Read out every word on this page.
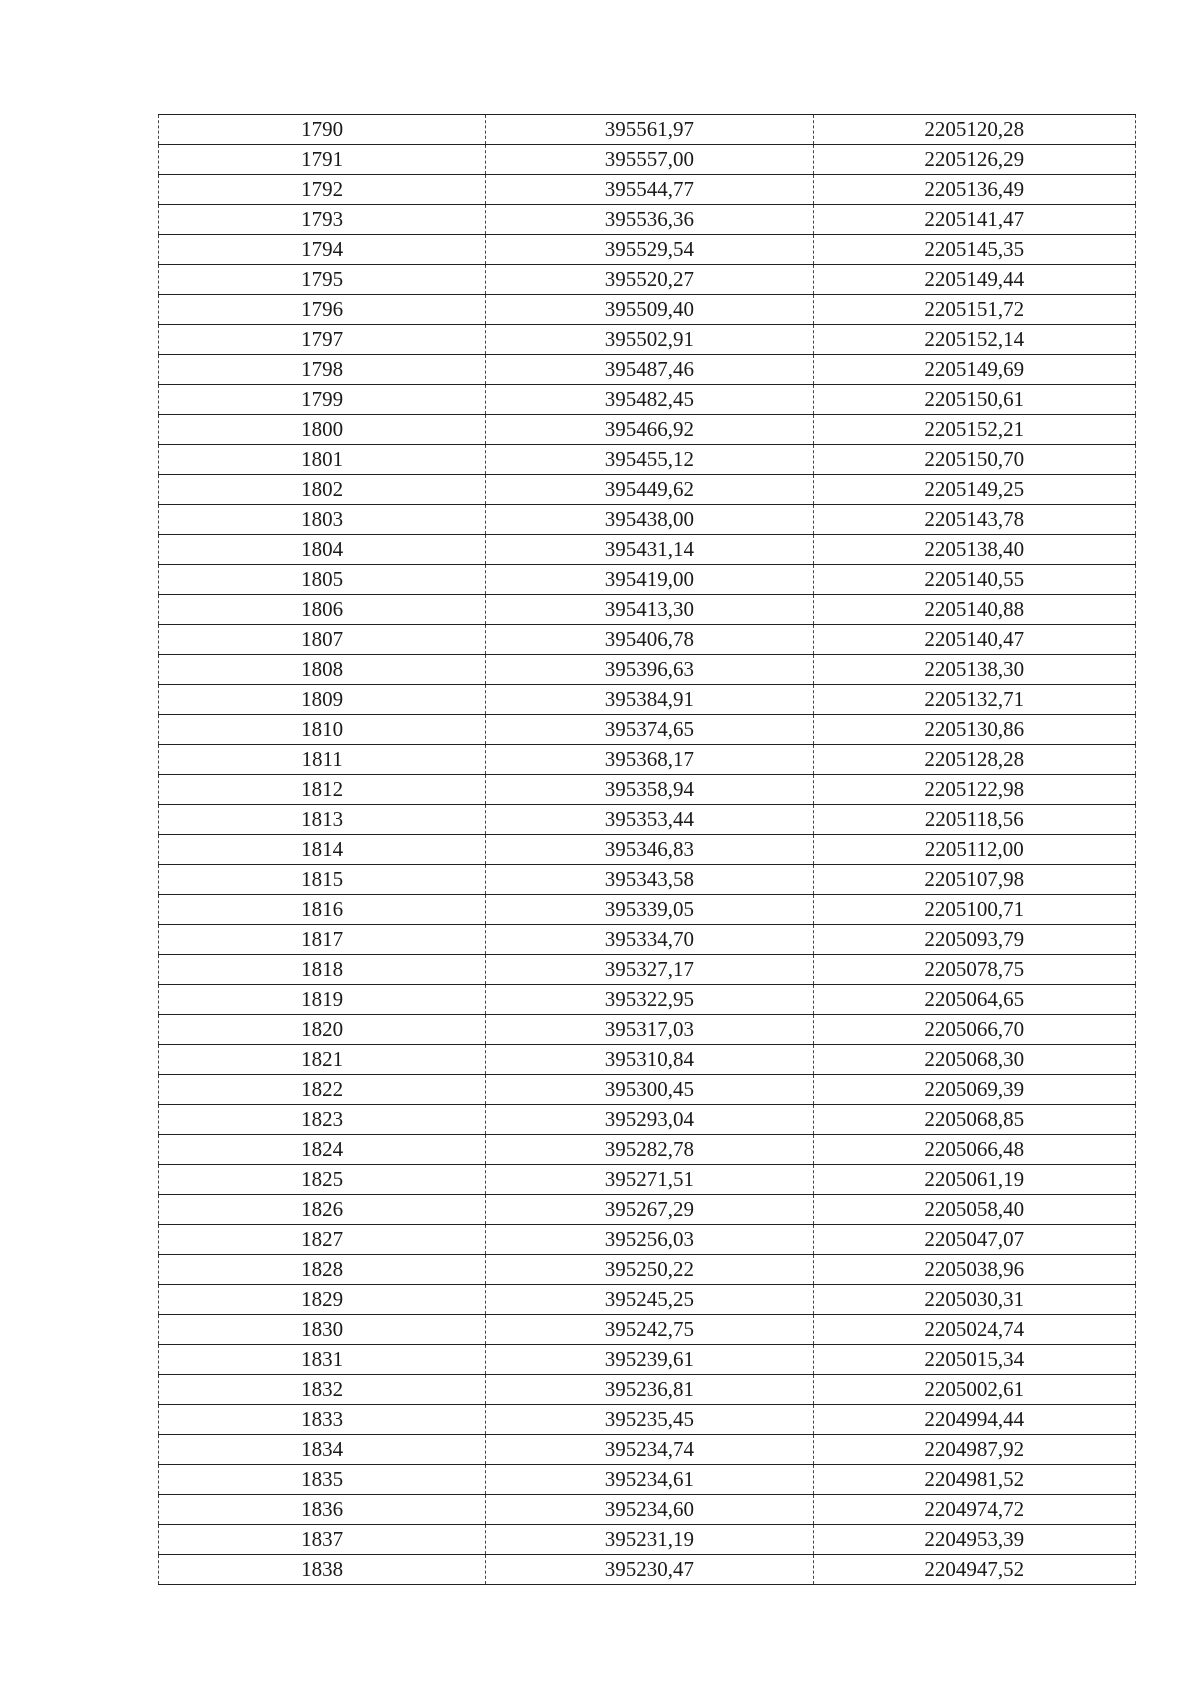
1790	395561,97	2205120,28
1791	395557,00	2205126,29
1792	395544,77	2205136,49
1793	395536,36	2205141,47
1794	395529,54	2205145,35
1795	395520,27	2205149,44
1796	395509,40	2205151,72
1797	395502,91	2205152,14
1798	395487,46	2205149,69
1799	395482,45	2205150,61
1800	395466,92	2205152,21
1801	395455,12	2205150,70
1802	395449,62	2205149,25
1803	395438,00	2205143,78
1804	395431,14	2205138,40
1805	395419,00	2205140,55
1806	395413,30	2205140,88
1807	395406,78	2205140,47
1808	395396,63	2205138,30
1809	395384,91	2205132,71
1810	395374,65	2205130,86
1811	395368,17	2205128,28
1812	395358,94	2205122,98
1813	395353,44	2205118,56
1814	395346,83	2205112,00
1815	395343,58	2205107,98
1816	395339,05	2205100,71
1817	395334,70	2205093,79
1818	395327,17	2205078,75
1819	395322,95	2205064,65
1820	395317,03	2205066,70
1821	395310,84	2205068,30
1822	395300,45	2205069,39
1823	395293,04	2205068,85
1824	395282,78	2205066,48
1825	395271,51	2205061,19
1826	395267,29	2205058,40
1827	395256,03	2205047,07
1828	395250,22	2205038,96
1829	395245,25	2205030,31
1830	395242,75	2205024,74
1831	395239,61	2205015,34
1832	395236,81	2205002,61
1833	395235,45	2204994,44
1834	395234,74	2204987,92
1835	395234,61	2204981,52
1836	395234,60	2204974,72
1837	395231,19	2204953,39
1838	395230,47	2204947,52
